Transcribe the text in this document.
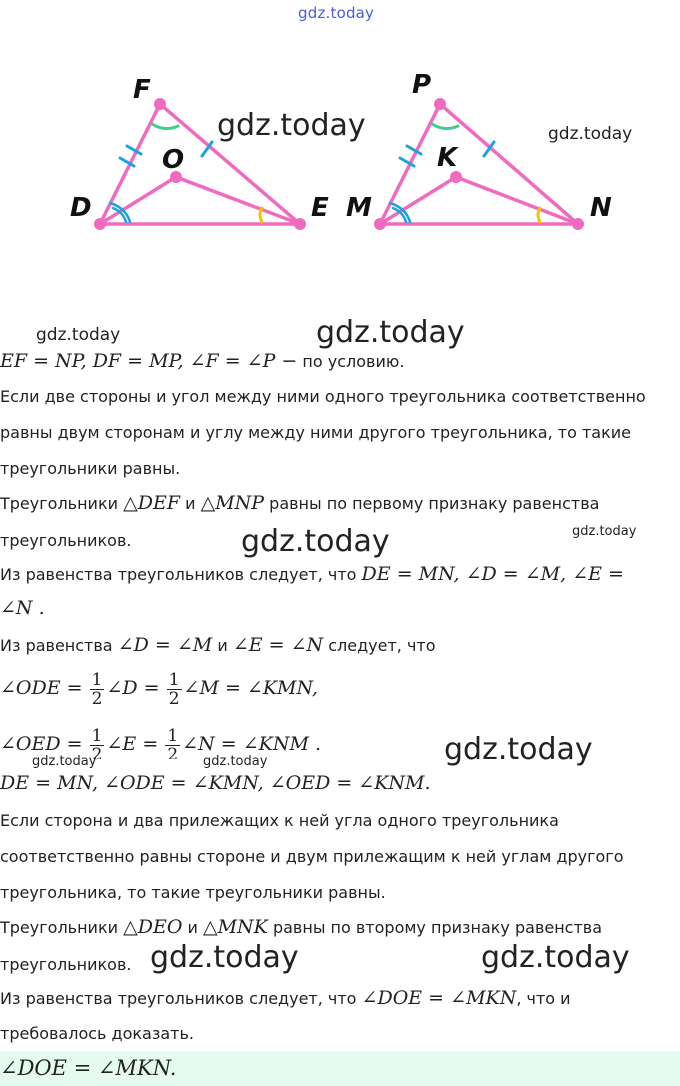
gdz.today
F
D	E
O
P
M	N
K
gdz.today	gdz.today
gdz.today	gdz.today
gdz.today	gdz.today
gdz.today
gdz.today	gdz.today
gdz.today	gdz.today
EF = NP, DF = MP, ∠F = ∠P − по условию.
Если две стороны и угол между ними одного треугольника соответственно
равны двум сторонам и углу между ними другого треугольника, то такие
треугольники равны.
Треугольники △DEF и △MNP равны по первому признаку равенства
треугольников.
Из равенства треугольников следует, что DE = MN, ∠D = ∠M, ∠E =
∠N .
Из равенства ∠D = ∠M и ∠E = ∠N следует, что
∠ODE = $\frac{1}{2}$ ∠D = $\frac{1}{2}$ ∠M = ∠KMN,
∠OED = $\frac{1}{2}$ ∠E = $\frac{1}{2}$ ∠N = ∠KNM .
DE = MN, ∠ODE = ∠KMN, ∠OED = ∠KNM.
Если сторона и два прилежащих к ней угла одного треугольника
соответственно равны стороне и двум прилежащим к ней углам другого
треугольника, то такие треугольники равны.
Треугольники △DEO и △MNK равны по второму признаку равенства
треугольников.
Из равенства треугольников следует, что ∠DOE = ∠MKN, что и
требовалось доказать.
∠DOE = ∠MKN.
